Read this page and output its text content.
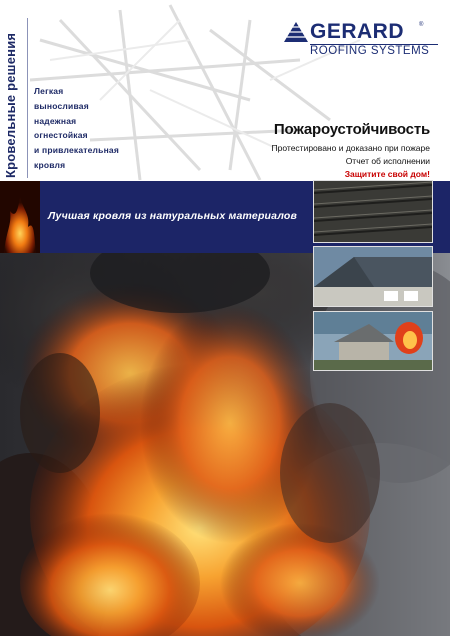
GERARD ®
ROOFING SYSTEMS
Кровельные решения Легкая
выносливая
надежная
огнестойкая
и привлекательная
кровля
Пожароустойчивость
Протестировано и доказано при пожаре
Отчет об исполнении
Защитите свой дом!
Лучшая кровля из натуральных материалов
